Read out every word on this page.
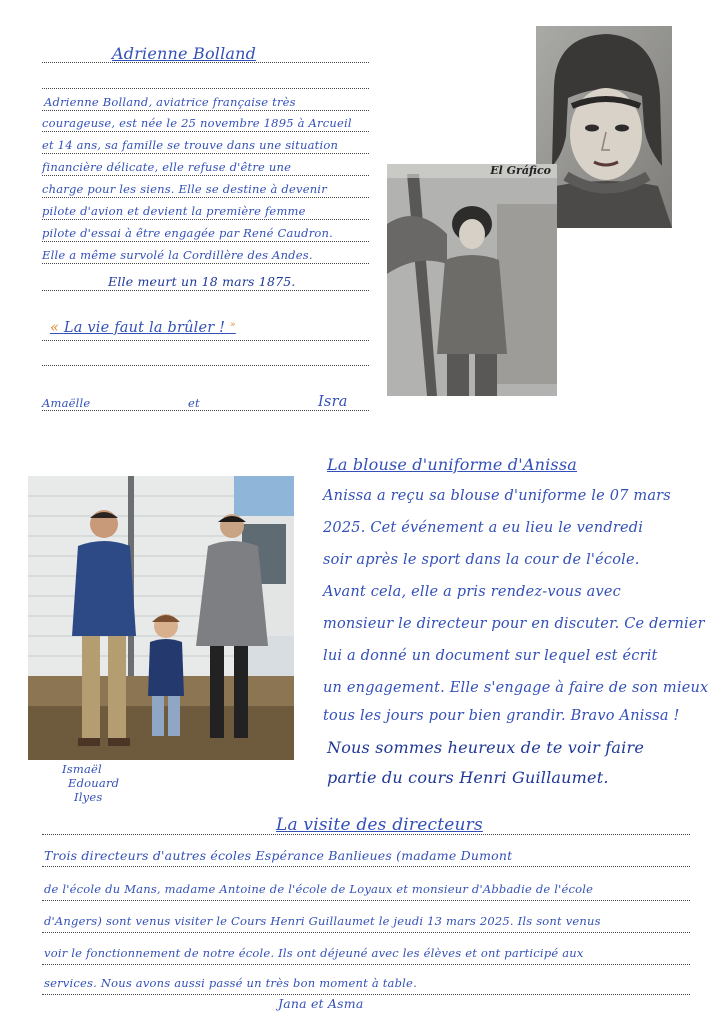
Adrienne Bolland
Adrienne Bolland, aviatrice française très
courageuse, est née le 25 novembre 1895 à Arcueil
et 14 ans, sa famille se trouve dans une situation
financière délicate, elle refuse d'être une
charge pour les siens. Elle se destine à devenir
pilote d'avion et devient la première femme
pilote d'essai à être engagée par René Caudron.
Elle a même survolé la Cordillère des Andes.
Elle meurt un 18 mars 1875.
« La vie faut la brûler ! »
Amaëlle	et	Isra
El Gráfico
La blouse d'uniforme d'Anissa
Anissa a reçu sa blouse d'uniforme le 07 mars
2025. Cet événement a eu lieu le vendredi
soir après le sport dans la cour de l'école.
Avant cela, elle a pris rendez-vous avec
monsieur le directeur pour en discuter. Ce dernier
lui a donné un document sur lequel est écrit
un engagement. Elle s'engage à faire de son mieux
tous les jours pour bien grandir. Bravo Anissa !
Nous sommes heureux de te voir faire
partie du cours Henri Guillaumet.
Ismaël
Edouard
Ilyes
La visite des directeurs
Trois directeurs d'autres écoles Espérance Banlieues (madame Dumont
de l'école du Mans, madame Antoine de l'école de Loyaux et monsieur d'Abbadie de l'école
d'Angers) sont venus visiter le Cours Henri Guillaumet le jeudi 13 mars 2025. Ils sont venus
voir le fonctionnement de notre école. Ils ont déjeuné avec les élèves et ont participé aux
services. Nous avons aussi passé un très bon moment à table.
Jana et Asma
